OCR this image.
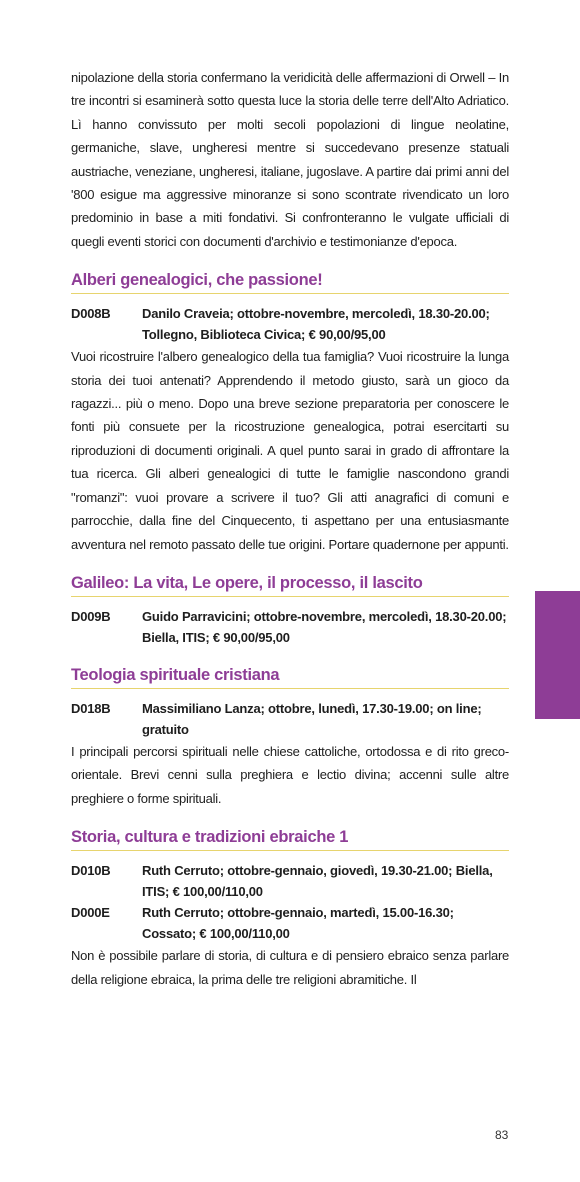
nipolazione della storia confermano la veridicità delle affermazioni di Orwell – In tre incontri si esaminerà sotto questa luce la storia delle terre dell'Alto Adriatico. Lì hanno convissuto per molti secoli popolazioni di lingue neolatine, germaniche, slave, ungheresi mentre si succedevano presenze statuali austriache, veneziane, ungheresi, italiane, jugoslave. A partire dai primi anni del '800 esigue ma aggressive minoranze si sono scontrate rivendicato un loro predominio in base a miti fondativi. Si confronteranno le vulgate ufficiali di quegli eventi storici con documenti d'archivio e testimonianze d'epoca.

Alberi genealogici, che passione!
D008B	Danilo Craveia; ottobre-novembre, mercoledì, 18.30-20.00; Tollegno, Biblioteca Civica; € 90,00/95,00

Vuoi ricostruire l'albero genealogico della tua famiglia? Vuoi ricostruire la lunga storia dei tuoi antenati? Apprendendo il metodo giusto, sarà un gioco da ragazzi... più o meno. Dopo una breve sezione preparatoria per conoscere le fonti più consuete per la ricostruzione genealogica, potrai esercitarti su riproduzioni di documenti originali. A quel punto sarai in grado di affrontare la tua ricerca. Gli alberi genealogici di tutte le famiglie nascondono grandi "romanzi": vuoi provare a scrivere il tuo? Gli atti anagrafici di comuni e parrocchie, dalla fine del Cinquecento, ti aspettano per una entusiasmante avventura nel remoto passato delle tue origini. Portare quadernone per appunti.

Galileo: La vita, Le opere, il processo, il lascito
D009B	Guido Parravicini; ottobre-novembre, mercoledì, 18.30-20.00; Biella, ITIS; € 90,00/95,00
Teologia spirituale cristiana
D018B	Massimiliano Lanza; ottobre, lunedì, 17.30-19.00; on line; gratuito

I principali percorsi spirituali nelle chiese cattoliche, ortodossa e di rito greco-orientale. Brevi cenni sulla preghiera e lectio divina; accenni sulle altre preghiere o forme spirituali.

Storia, cultura e tradizioni ebraiche 1
D010B	Ruth Cerruto; ottobre-gennaio, giovedì, 19.30-21.00; Biella, ITIS; € 100,00/110,00
D000E	Ruth Cerruto; ottobre-gennaio, martedì, 15.00-16.30; Cossato; € 100,00/110,00

Non è possibile parlare di storia, di cultura e di pensiero ebraico senza parlare della religione ebraica, la prima delle tre religioni abramitiche. Il

83
